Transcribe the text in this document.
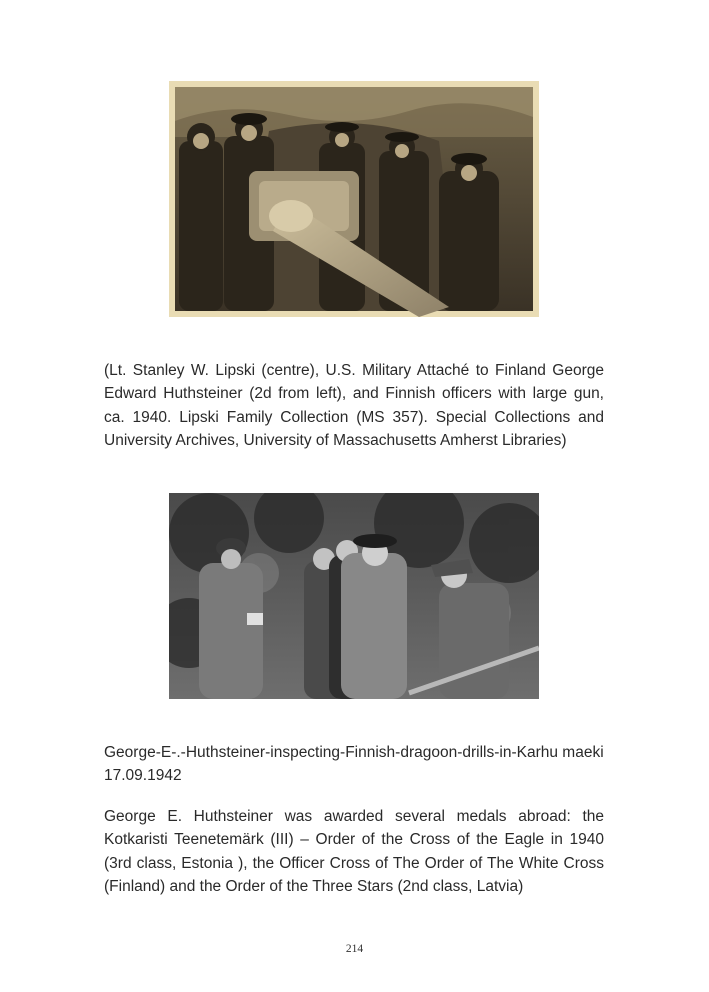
(Lt. Stanley W. Lipski (centre), U.S. Military Attaché to Finland George Edward Huthsteiner (2d from left), and Finnish officers with large gun, ca. 1940. Lipski Family Collection (MS 357). Special Collections and University Archives, University of Massachusetts Amherst Libraries)

George-E-.-Huthsteiner-inspecting-Finnish-dragoon-drills-in-Karhu maeki 17.09.1942

George E. Huthsteiner was awarded several medals abroad: the Kotkaristi Teenetemärk (III) – Order of the Cross of the Eagle in 1940 (3rd class, Estonia ), the Officer Cross of The Order of The White Cross (Finland) and the Order of the Three Stars (2nd class, Latvia)

214
